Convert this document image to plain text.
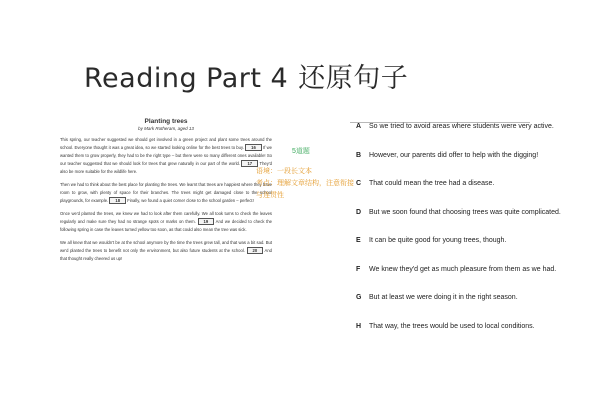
Reading Part 4 还原句子
Planting trees
by Mark Rotheram, aged 13

This spring, our teacher suggested we should get involved in a green project and plant some trees around the school. Everyone thought it was a great idea, so we started looking online for the best trees to buy. 16 If we wanted them to grow properly, they had to be the right type – but there were so many different ones available! So our teacher suggested that we should look for trees that grew naturally in our part of the world. 17 They'd also be more suitable for the wildlife here.

Then we had to think about the best place for planting the trees. We learnt that trees are happiest where they have room to grow, with plenty of space for their branches. The trees might get damaged close to the school playgrounds, for example. 18 Finally, we found a quiet corner close to the school garden – perfect!

Once we'd planted the trees, we knew we had to look after them carefully. We all took turns to check the leaves regularly and make sure they had no strange spots or marks on them. 19 And we decided to check the following spring in case the leaves turned yellow too soon, as that could also mean the tree was sick.

We all knew that we wouldn't be at the school anymore by the time the trees grew tall, and that was a bit sad. But we'd planted the trees to benefit not only the environment, but also future students at the school. 20 And that thought really cheered us up!

5道题
语境：一段长文本
考点：理解文章结构，注意衔接与连贯性
A So we tried to avoid areas where students were very active.
B However, our parents did offer to help with the digging!
C That could mean the tree had a disease.
D But we soon found that choosing trees was quite complicated.
E It can be quite good for young trees, though.
F We knew they'd get as much pleasure from them as we had.
G But at least we were doing it in the right season.
H That way, the trees would be used to local conditions.
